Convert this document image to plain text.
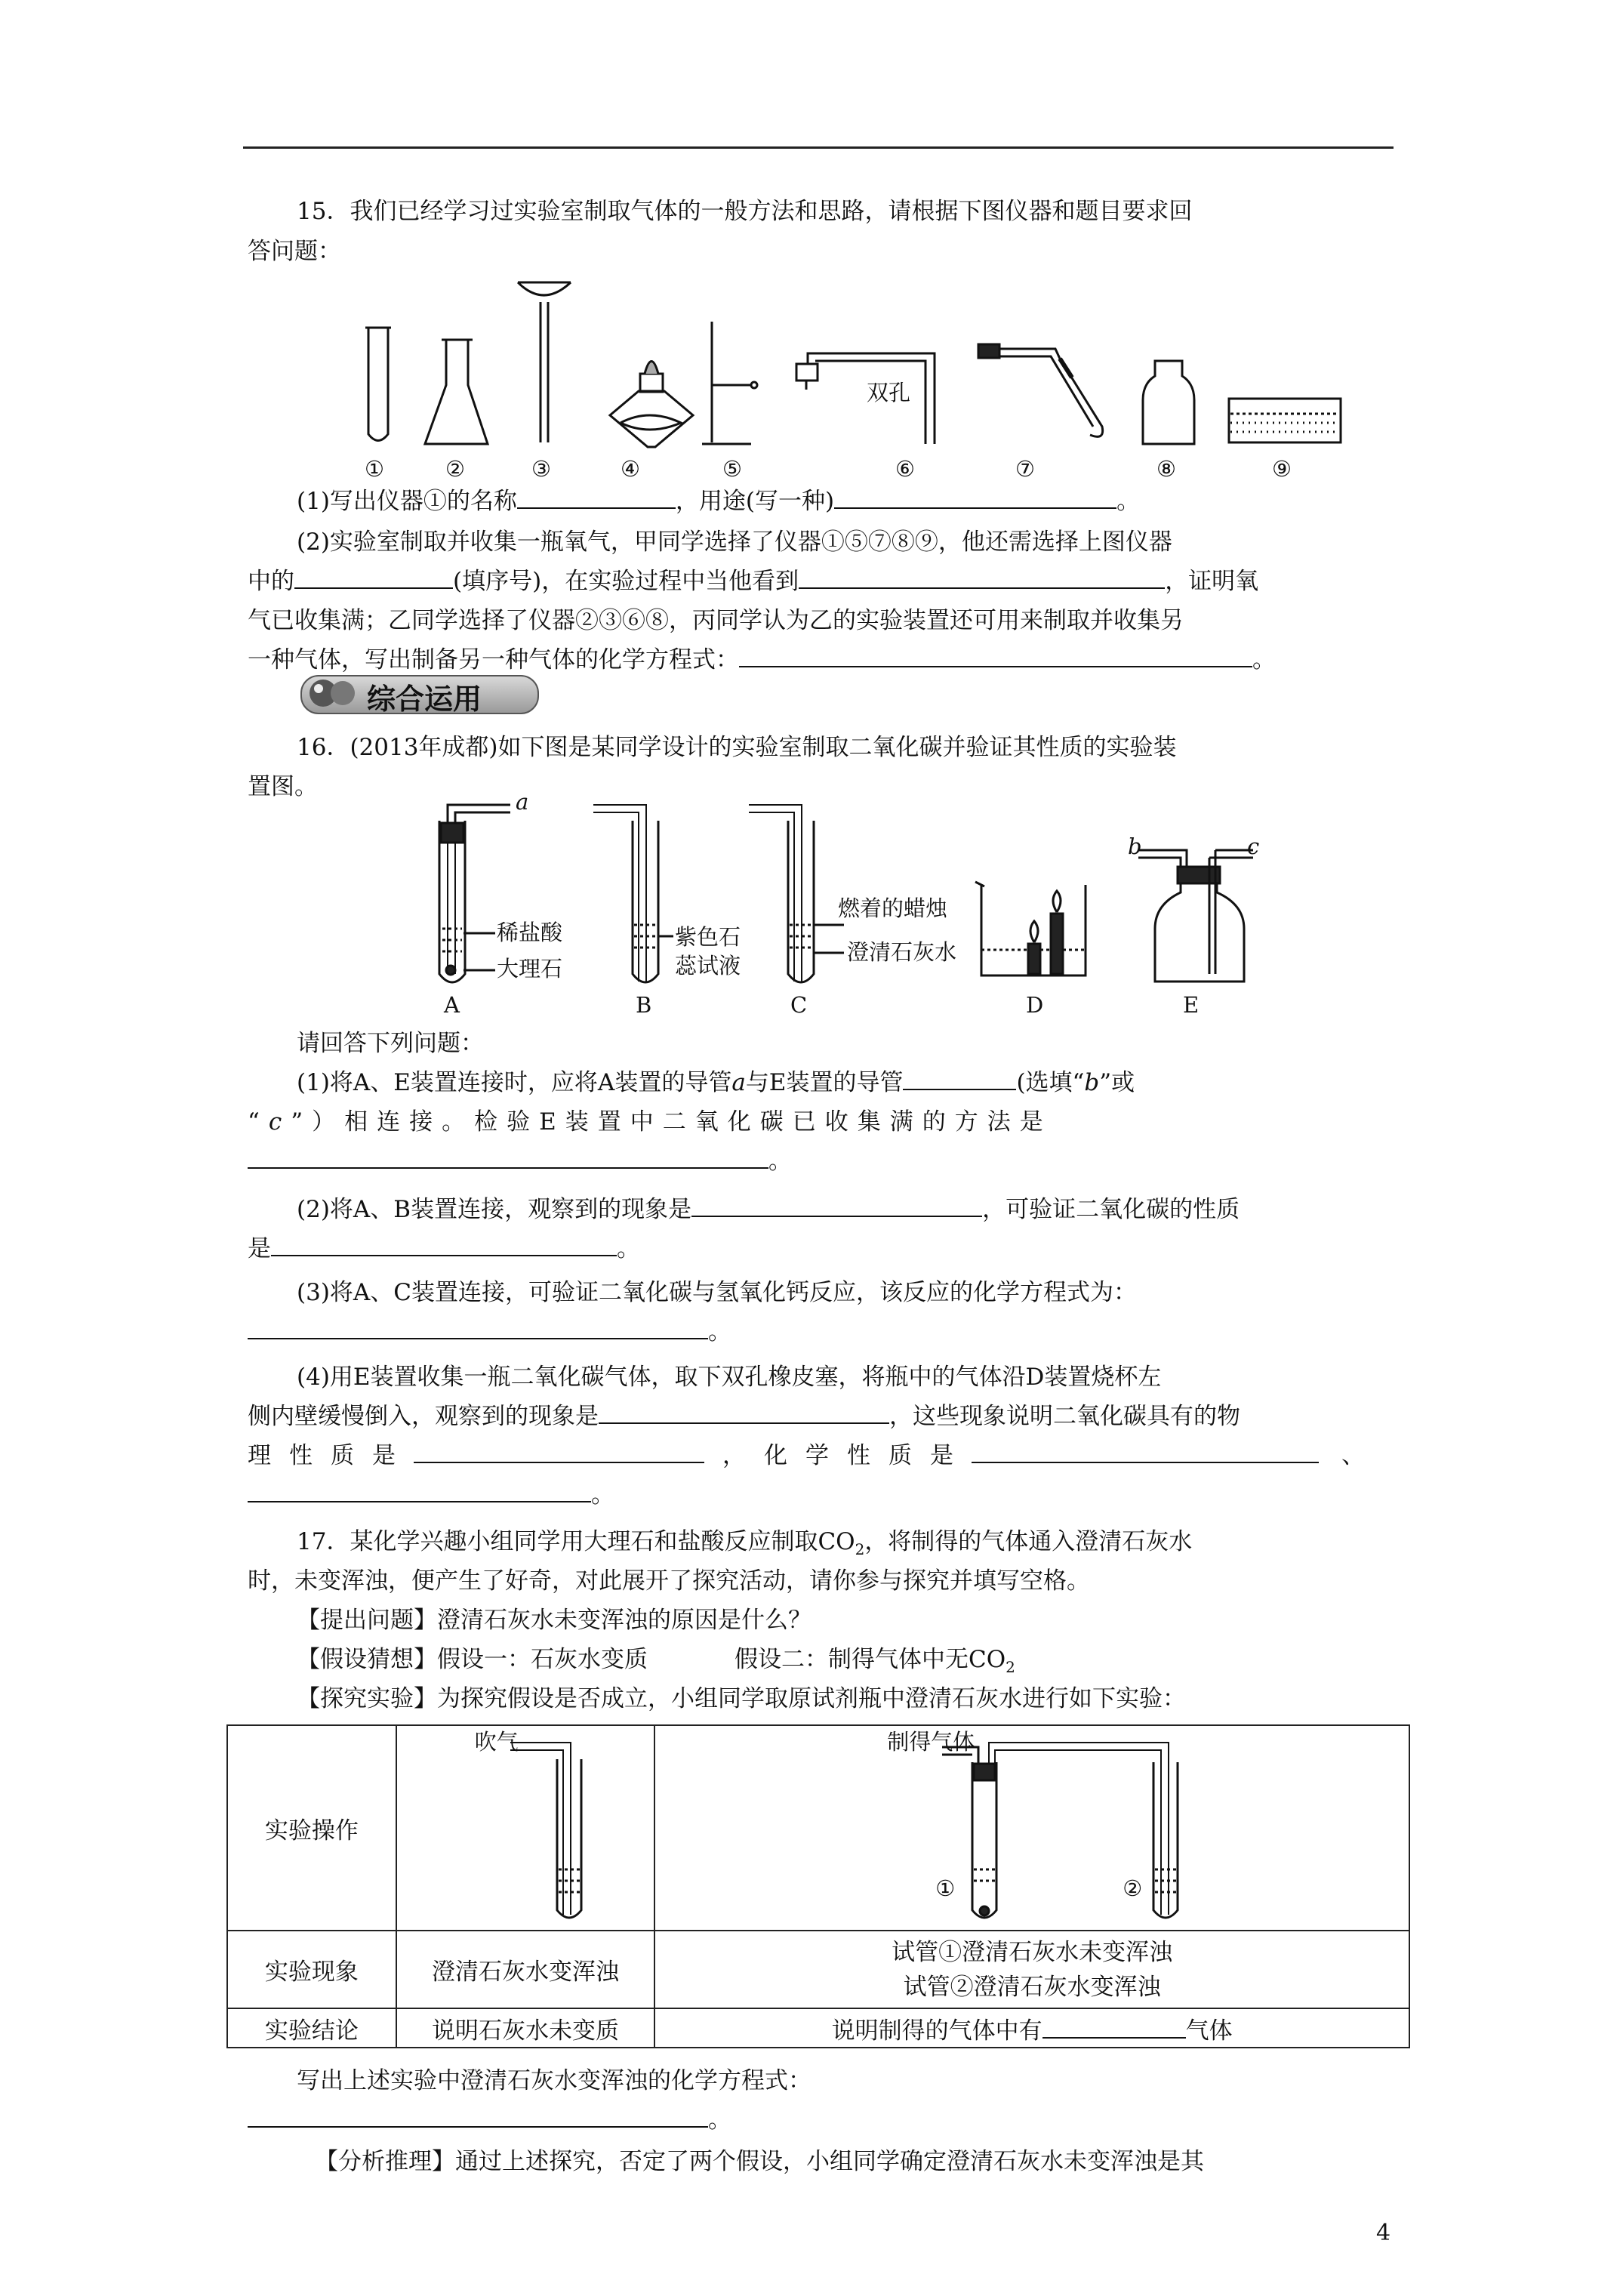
15．我们已经学习过实验室制取气体的一般方法和思路，请根据下图仪器和题目要求回
答问题：
双孔
①	②	③	④	⑤	⑥	⑦	⑧	⑨
(1)写出仪器①的名称	，用途(写一种)	。
(2)实验室制取并收集一瓶氧气，甲同学选择了仪器①⑤⑦⑧⑨，他还需选择上图仪器
中的	(填序号)，在实验过程中当他看到	，证明氧
气已收集满；乙同学选择了仪器②③⑥⑧，丙同学认为乙的实验装置还可用来制取并收集另
一种气体，写出制备另一种气体的化学方程式：	。
综合运用
16．(2013年成都)如下图是某同学设计的实验室制取二氧化碳并验证其性质的实验装
置图。
a
b	c
稀盐酸
大理石
紫色石
蕊试液
燃着的蜡烛
澄清石灰水
A	B	C	D	E
请回答下列问题：
(1)将A、E装置连接时，应将A装置的导管a与E装置的导管	(选填“b”或
“c”）相连接。检验E装置中二氧化碳已收集满的方法是
。
(2)将A、B装置连接，观察到的现象是	，可验证二氧化碳的性质
是	。
(3)将A、C装置连接，可验证二氧化碳与氢氧化钙反应，该反应的化学方程式为：
。
(4)用E装置收集一瓶二氧化碳气体，取下双孔橡皮塞，将瓶中的气体沿D装置烧杯左
侧内壁缓慢倒入，观察到的现象是	，这些现象说明二氧化碳具有的物
理性质是	，化学性质是	、
。
17．某化学兴趣小组同学用大理石和盐酸反应制取$CO_2$，将制得的气体通入澄清石灰水
时，未变浑浊，便产生了好奇，对此展开了探究活动，请你参与探究并填写空格。
【提出问题】澄清石灰水未变浑浊的原因是什么？
【假设猜想】假设一：石灰水变质	假设二：制得气体中无$CO_2$
【探究实验】为探究假设是否成立，小组同学取原试剂瓶中澄清石灰水进行如下实验：
实验操作	吹气	制得气体
① ②

实验现象	澄清石灰水变浑浊	试管①澄清石灰水未变浑浊
试管②澄清石灰水变浑浊

实验结论	说明石灰水未变质	说明制得的气体中有 气体
写出上述实验中澄清石灰水变浑浊的化学方程式：
。
【分析推理】通过上述探究，否定了两个假设，小组同学确定澄清石灰水未变浑浊是其
4
